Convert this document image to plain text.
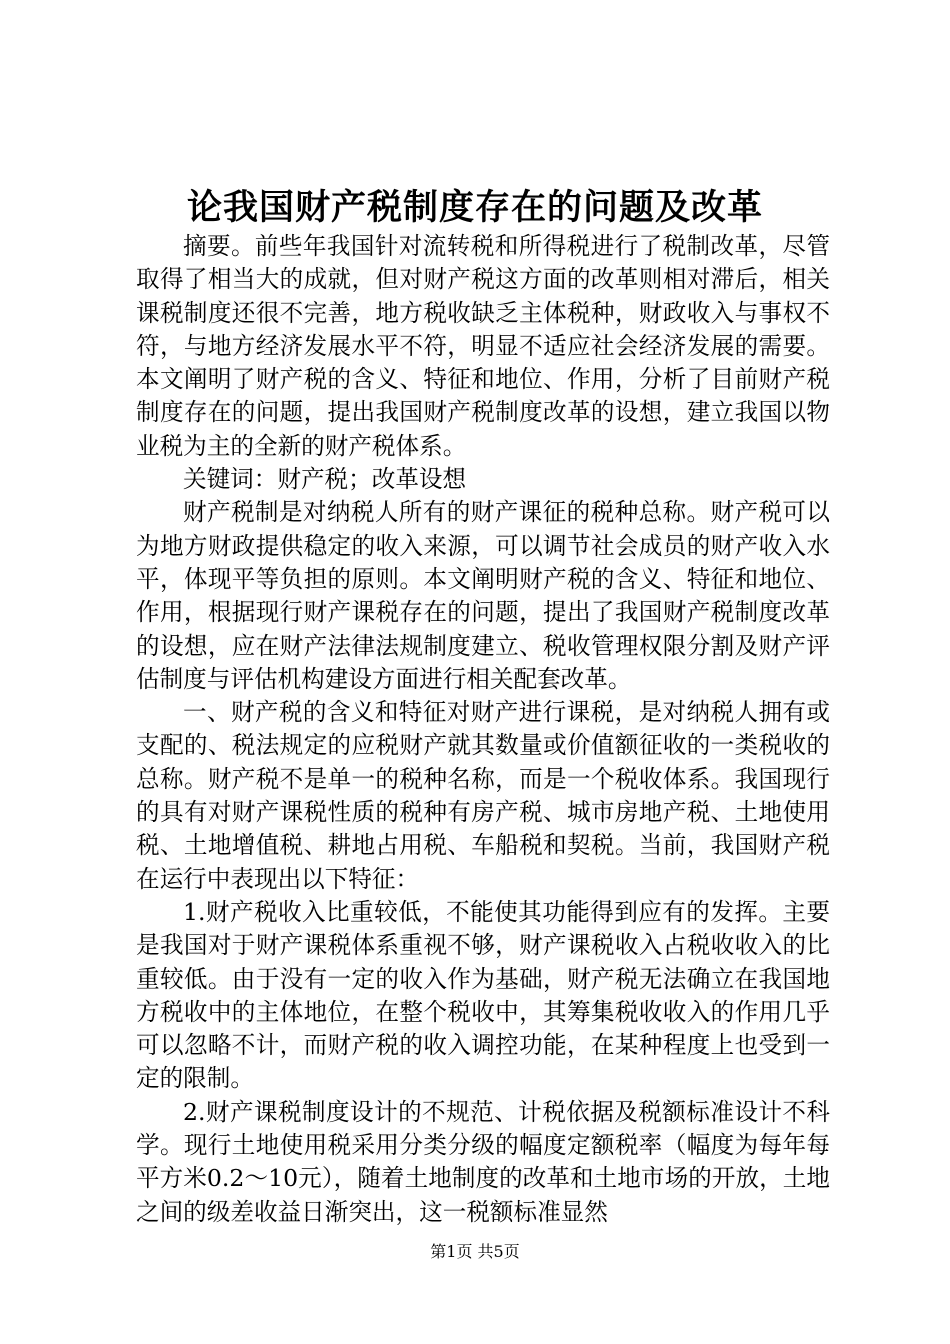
论我国财产税制度存在的问题及改革

摘要。前些年我国针对流转税和所得税进行了税制改革，尽管取得了相当大的成就，但对财产税这方面的改革则相对滞后，相关课税制度还很不完善，地方税收缺乏主体税种，财政收入与事权不符，与地方经济发展水平不符，明显不适应社会经济发展的需要。本文阐明了财产税的含义、特征和地位、作用，分析了目前财产税制度存在的问题，提出我国财产税制度改革的设想，建立我国以物业税为主的全新的财产税体系。

关键词：财产税；改革设想

财产税制是对纳税人所有的财产课征的税种总称。财产税可以为地方财政提供稳定的收入来源，可以调节社会成员的财产收入水平，体现平等负担的原则。本文阐明财产税的含义、特征和地位、作用，根据现行财产课税存在的问题，提出了我国财产税制度改革的设想，应在财产法律法规制度建立、税收管理权限分割及财产评估制度与评估机构建设方面进行相关配套改革。

一、财产税的含义和特征对财产进行课税，是对纳税人拥有或支配的、税法规定的应税财产就其数量或价值额征收的一类税收的总称。财产税不是单一的税种名称，而是一个税收体系。我国现行的具有对财产课税性质的税种有房产税、城市房地产税、土地使用税、土地增值税、耕地占用税、车船税和契税。当前，我国财产税在运行中表现出以下特征：

1.财产税收入比重较低，不能使其功能得到应有的发挥。主要是我国对于财产课税体系重视不够，财产课税收入占税收收入的比重较低。由于没有一定的收入作为基础，财产税无法确立在我国地方税收中的主体地位，在整个税收中，其筹集税收收入的作用几乎可以忽略不计，而财产税的收入调控功能，在某种程度上也受到一定的限制。

2.财产课税制度设计的不规范、计税依据及税额标准设计不科学。现行土地使用税采用分类分级的幅度定额税率（幅度为每年每平方米0.2～10元），随着土地制度的改革和土地市场的开放，土地之间的级差收益日渐突出，这一税额标准显然

第1页 共5页
